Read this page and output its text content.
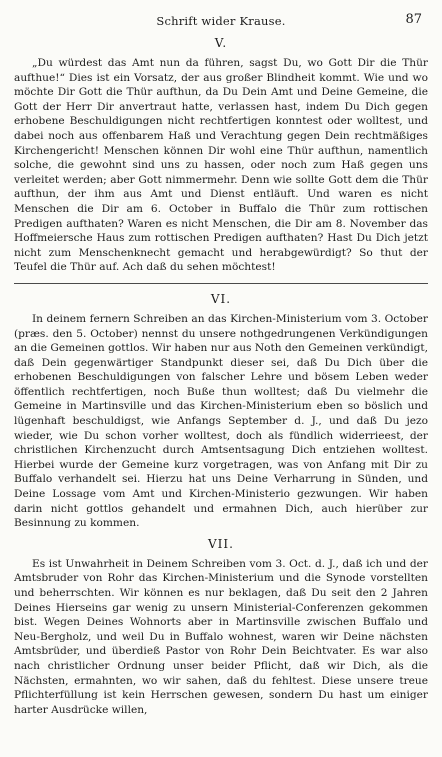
Schrift wider Krause.	87
V.

„Du würdest das Amt nun da führen, sagst Du, wo Gott Dir die Thür aufthue!“ Dies ist ein Vorsatz, der aus großer Blindheit kommt. Wie und wo möchte Dir Gott die Thür aufthun, da Du Dein Amt und Deine Gemeine, die Gott der Herr Dir anvertraut hatte, verlassen hast, indem Du Dich gegen erhobene Beschuldigungen nicht rechtfertigen konntest oder wolltest, und dabei noch aus offenbarem Haß und Verachtung gegen Dein rechtmäßiges Kirchengericht! Menschen können Dir wohl eine Thür aufthun, namentlich solche, die gewohnt sind uns zu hassen, oder noch zum Haß gegen uns verleitet werden; aber Gott nimmermehr. Denn wie sollte Gott dem die Thür aufthun, der ihm aus Amt und Dienst entläuft. Und waren es nicht Menschen die Dir am 6. October in Buffalo die Thür zum rottischen Predigen aufthaten? Waren es nicht Menschen, die Dir am 8. November das Hoffmeiersche Haus zum rottischen Predigen aufthaten? Hast Du Dich jetzt nicht zum Menschenknecht gemacht und herabgewürdigt? So thut der Teufel die Thür auf. Ach daß du sehen möchtest!

VI.

In deinem fernern Schreiben an das Kirchen-Ministerium vom 3. October (præs. den 5. October) nennst du unsere nothgedrungenen Verkündigungen an die Gemeinen gottlos. Wir haben nur aus Noth den Gemeinen verkündigt, daß Dein gegenwärtiger Standpunkt dieser sei, daß Du Dich über die erhobenen Beschuldigungen von falscher Lehre und bösem Leben weder öffentlich rechtfertigen, noch Buße thun wolltest; daß Du vielmehr die Gemeine in Martinsville und das Kirchen-Ministerium eben so böslich und lügenhaft beschuldigst, wie Anfangs September d. J., und daß Du jezo wieder, wie Du schon vorher wolltest, doch als fündlich widerrieest, der christlichen Kirchenzucht durch Amtsentsagung Dich entziehen wolltest. Hierbei wurde der Gemeine kurz vorgetragen, was von Anfang mit Dir zu Buffalo verhandelt sei. Hierzu hat uns Deine Verharrung in Sünden, und Deine Lossage vom Amt und Kirchen-Ministerio gezwungen. Wir haben darin nicht gottlos gehandelt und ermahnen Dich, auch hierüber zur Besinnung zu kommen.

VII.

Es ist Unwahrheit in Deinem Schreiben vom 3. Oct. d. J., daß ich und der Amtsbruder von Rohr das Kirchen-Ministerium und die Synode vorstellten und beherrschten. Wir können es nur beklagen, daß Du seit den 2 Jahren Deines Hierseins gar wenig zu unsern Ministerial-Conferenzen gekommen bist. Wegen Deines Wohnorts aber in Martinsville zwischen Buffalo und Neu-Bergholz, und weil Du in Buffalo wohnest, waren wir Deine nächsten Amtsbrüder, und überdieß Pastor von Rohr Dein Beichtvater. Es war also nach christlicher Ordnung unser beider Pflicht, daß wir Dich, als die Nächsten, ermahnten, wo wir sahen, daß du fehltest. Diese unsere treue Pflichterfüllung ist kein Herrschen gewesen, sondern Du hast um einiger harter Ausdrücke willen,
